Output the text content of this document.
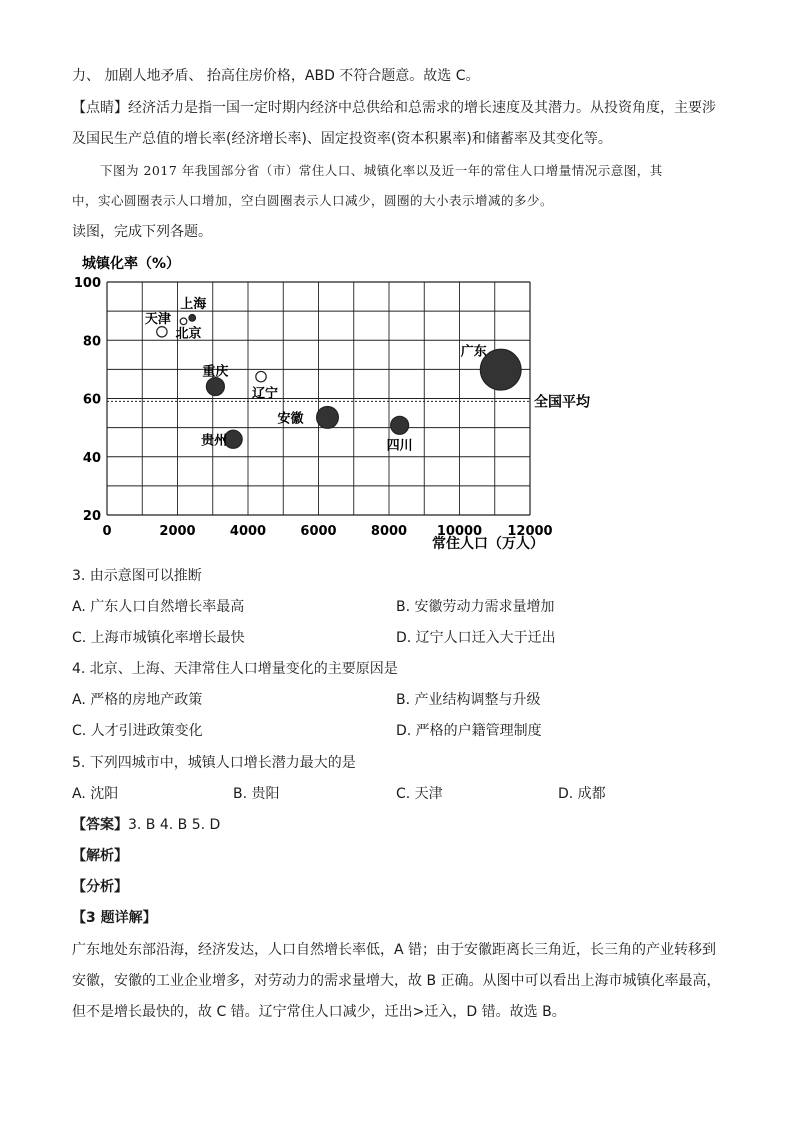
力、 加剧人地矛盾、 抬高住房价格，ABD 不符合题意。故选 C。
【点睛】经济活力是指一国一定时期内经济中总供给和总需求的增长速度及其潜力。从投资角度，主要涉
及国民生产总值的增长率(经济增长率)、固定投资率(资本积累率)和储蓄率及其变化等。
下图为 2017 年我国部分省（市）常住人口、城镇化率以及近一年的常住人口增量情况示意图，其
中，实心圆圈表示人口增加，空白圆圈表示人口减少，圆圈的大小表示增减的多少。
读图，完成下列各题。
城镇化率（%）
全国平均
上海
北京
天津
广东
辽宁
重庆
安徽
四川
贵州
0	2000	4000	6000	8000 10000 12000
20
40
60
80
100
常住人口（万人）
3. 由示意图可以推断
A. 广东人口自然增长率最高	B. 安徽劳动力需求量增加
C. 上海市城镇化率增长最快	D. 辽宁人口迁入大于迁出
4. 北京、上海、天津常住人口增量变化的主要原因是
A. 严格的房地产政策	B. 产业结构调整与升级
C. 人才引进政策变化	D. 严格的户籍管理制度
5. 下列四城市中，城镇人口增长潜力最大的是
A. 沈阳	B. 贵阳	C. 天津	D. 成都
【答案】3. B 4. B 5. D
【解析】
【分析】
【3 题详解】
广东地处东部沿海，经济发达，人口自然增长率低，A 错；由于安徽距离长三角近，长三角的产业转移到
安徽，安徽的工业企业增多，对劳动力的需求量增大，故 B 正确。从图中可以看出上海市城镇化率最高，
但不是增长最快的，故 C 错。辽宁常住人口减少，迁出>迁入，D 错。故选 B。
